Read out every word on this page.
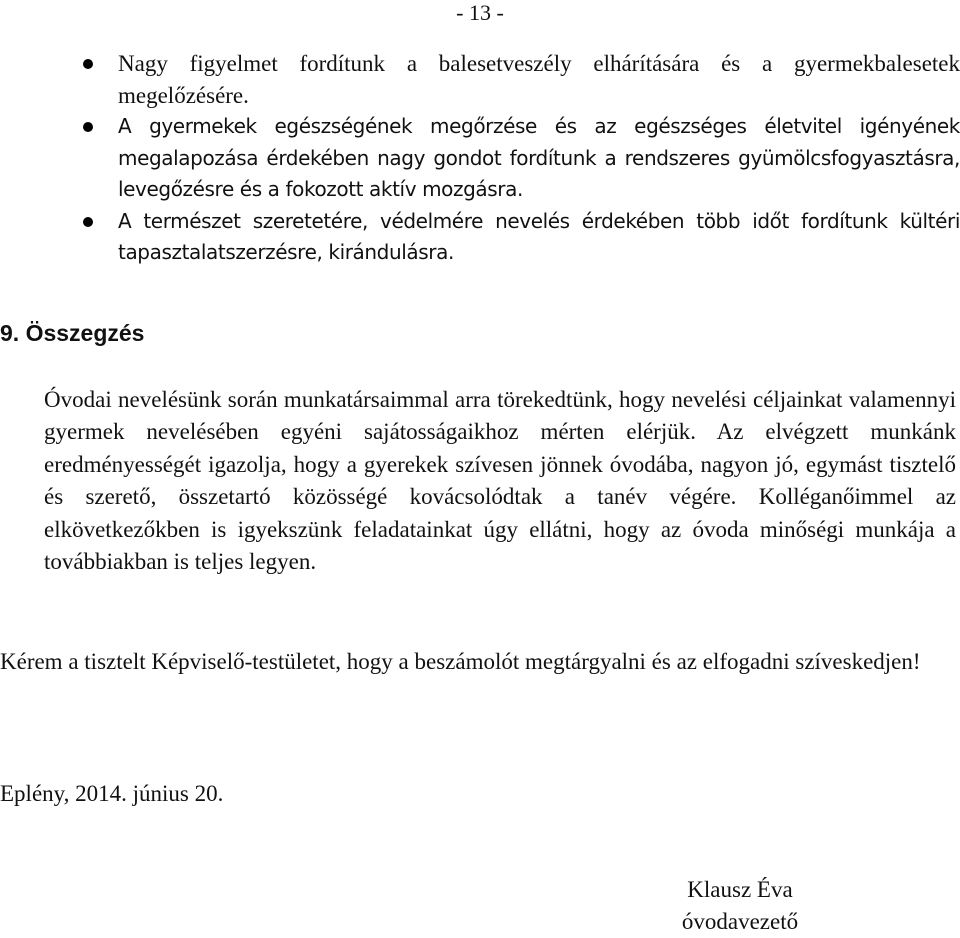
- 13 -
Nagy figyelmet fordítunk a balesetveszély elhárítására és a gyermekbalesetek megelőzésére.
A gyermekek egészségének megőrzése és az egészséges életvitel igényének megalapozása érdekében nagy gondot fordítunk a rendszeres gyümölcsfogyasztásra, levegőzésre és a fokozott aktív mozgásra.
A természet szeretetére, védelmére nevelés érdekében több időt fordítunk kültéri tapasztalatszerzésre, kirándulásra.
9. Összegzés

Óvodai nevelésünk során munkatársaimmal arra törekedtünk, hogy nevelési céljainkat valamennyi gyermek nevelésében egyéni sajátosságaikhoz mérten elérjük. Az elvégzett munkánk eredményességét igazolja, hogy a gyerekek szívesen jönnek óvodába, nagyon jó, egymást tisztelő és szerető, összetartó közösségé kovácsolódtak a tanév végére. Kolléganőimmel az elkövetkezőkben is igyekszünk feladatainkat úgy ellátni, hogy az óvoda minőségi munkája a továbbiakban is teljes legyen.

Kérem a tisztelt Képviselő-testületet, hogy a beszámolót megtárgyalni és az elfogadni szíveskedjen!

Eplény, 2014. június 20.
Klausz Éva
óvodavezető
